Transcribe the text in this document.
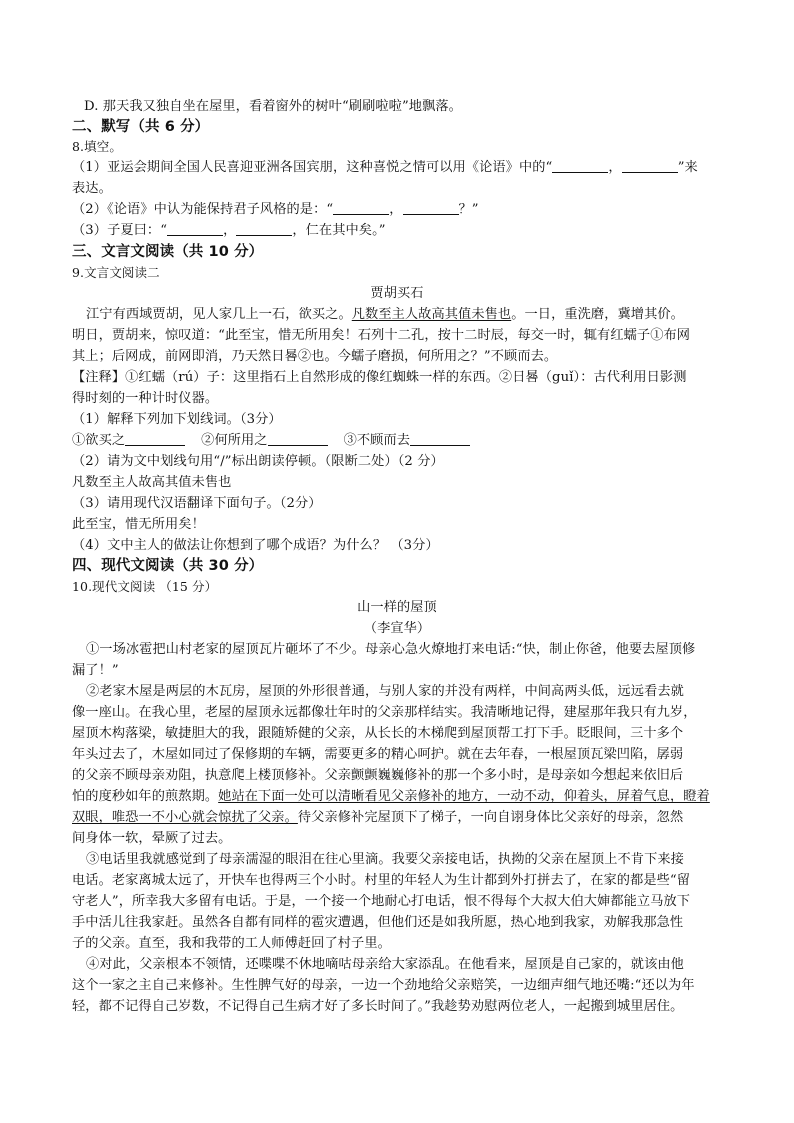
D. 那天我又独自坐在屋里，看着窗外的树叶“刷刷啦啦”地飘落。
二、默写（共 6 分）
8.填空。
（1）亚运会期间全国人民喜迎亚洲各国宾朋，这种喜悦之情可以用《论语》中的“	，	”来
表达。
（2）《论语》中认为能保持君子风格的是：“	，	？”
（3）子夏曰：“	，	，仁在其中矣。”
三、文言文阅读（共 10 分）
9.文言文阅读二
贾胡买石
江宁有西域贾胡，见人家几上一石，欲买之。凡数至主人故高其值未售也。一日，重洗磨，冀增其价。
明日，贾胡来，惊叹道：“此至宝，惜无所用矣！石列十二孔，按十二时辰，每交一时，辄有红蠕子①布网
其上；后网成，前网即消，乃天然日晷②也。今蠕子磨损，何所用之？”不顾而去。
【注释】①红蠕（rú）子：这里指石上自然形成的像红蜘蛛一样的东西。②日晷（guǐ）：古代利用日影测
得时刻的一种计时仪器。
（1）解释下列加下划线词。（3分）
①欲买之	②何所用之	③不顾而去
（2）请为文中划线句用“/”标出朗读停顿。（限断二处）（2 分）
凡数至主人故高其值未售也
（3）请用现代汉语翻译下面句子。（2分）
此至宝，惜无所用矣！
（4）文中主人的做法让你想到了哪个成语？为什么？ （3分）
四、现代文阅读（共 30 分）
10.现代文阅读 （15 分）
山一样的屋顶
（李宣华）
①一场冰雹把山村老家的屋顶瓦片砸坏了不少。母亲心急火燎地打来电话:“快，制止你爸，他要去屋顶修
漏了！”
②老家木屋是两层的木瓦房，屋顶的外形很普通，与别人家的并没有两样，中间高两头低，远远看去就
像一座山。在我心里，老屋的屋顶永远都像壮年时的父亲那样结实。我清晰地记得，建屋那年我只有九岁，
屋顶木构落梁，敏捷胆大的我，跟随矫健的父亲，从长长的木梯爬到屋顶帮工打下手。眨眼间，三十多个
年头过去了，木屋如同过了保修期的车辆，需要更多的精心呵护。就在去年春，一根屋顶瓦梁凹陷，孱弱
的父亲不顾母亲劝阻，执意爬上楼顶修补。父亲颤颤巍巍修补的那一个多小时，是母亲如今想起来依旧后
怕的度秒如年的煎熬期。她站在下面一处可以清晰看见父亲修补的地方，一动不动，仰着头，屏着气息，瞪着
双眼，唯恐一不小心就会惊扰了父亲。待父亲修补完屋顶下了梯子，一向自诩身体比父亲好的母亲，忽然
间身体一软，晕厥了过去。
③电话里我就感觉到了母亲濡湿的眼泪在往心里滴。我要父亲接电话，执拗的父亲在屋顶上不肯下来接
电话。老家离城太远了，开快车也得两三个小时。村里的年轻人为生计都到外打拼去了，在家的都是些“留
守老人”，所幸我大多留有电话。于是，一个接一个地耐心打电话，恨不得每个大叔大伯大婶都能立马放下
手中活儿往我家赶。虽然各自都有同样的雹灾遭遇，但他们还是如我所愿，热心地到我家，劝解我那急性
子的父亲。直至，我和我带的工人师傅赶回了村子里。
④对此，父亲根本不领情，还喋喋不休地嘀咕母亲给大家添乱。在他看来，屋顶是自己家的，就该由他
这个一家之主自己来修补。生性脾气好的母亲，一边一个劲地给父亲赔笑，一边细声细气地还嘴:“还以为年
轻，都不记得自己岁数，不记得自己生病才好了多长时间了。”我趁势劝慰两位老人，一起搬到城里居住。
